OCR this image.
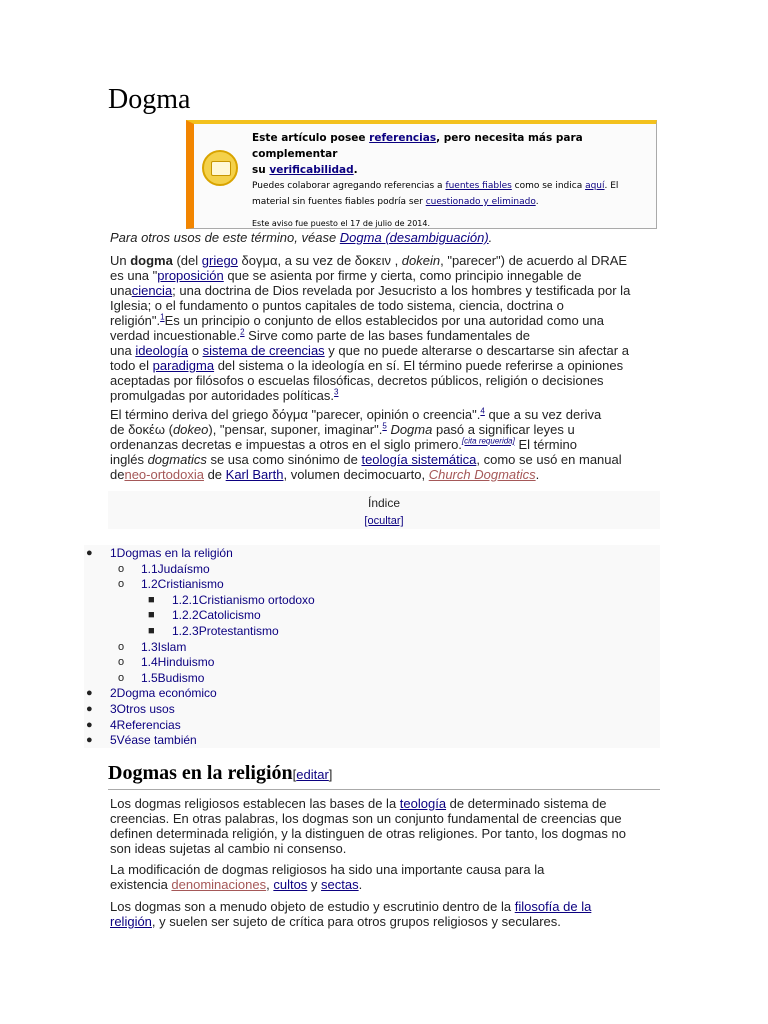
Dogma
Este artículo posee referencias, pero necesita más para complementar
su verificabilidad.
Puedes colaborar agregando referencias a fuentes fiables como se indica aquí. El
material sin fuentes fiables podría ser cuestionado y eliminado.
Este aviso fue puesto el 17 de julio de 2014.
Para otros usos de este término, véase Dogma (desambiguación).

Un dogma (del griego δογμα, a su vez de δοκειν , dokein, "parecer") de acuerdo al DRAE

es una "proposición que se asienta por firme y cierta, como principio innegable de

unaciencia; una doctrina de Dios revelada por Jesucristo a los hombres y testificada por la

Iglesia; o el fundamento o puntos capitales de todo sistema, ciencia, doctrina o

religión".$^1$Es un principio o conjunto de ellos establecidos por una autoridad como una

verdad incuestionable.$^2$ Sirve como parte de las bases fundamentales de

una ideología o sistema de creencias y que no puede alterarse o descartarse sin afectar a

todo el paradigma del sistema o la ideología en sí. El término puede referirse a opiniones

aceptadas por filósofos o escuelas filosóficas, decretos públicos, religión o decisiones

promulgadas por autoridades políticas.$^3$

El término deriva del griego δόγμα "parecer, opinión o creencia".$^4$ que a su vez deriva

de δοκέω (dokeo), "pensar, suponer, imaginar".$^5$ Dogma pasó a significar leyes u

ordenanzas decretas e impuestas a otros en el siglo primero.[cita requerida] El término

inglés dogmatics se usa como sinónimo de teología sistemática, como se usó en manual

deneo-ortodoxia de Karl Barth, volumen decimocuarto, Church Dogmatics.

Índice
[ocultar]
● 1Dogmas en la religión
o 1.1Judaísmo
o 1.2Cristianismo
■ 1.2.1Cristianismo ortodoxo
■ 1.2.2Catolicismo
■ 1.2.3Protestantismo
o 1.3Islam
o 1.4Hinduismo
o 1.5Budismo
● 2Dogma económico
● 3Otros usos
● 4Referencias
● 5Véase también
Dogmas en la religión[editar]

Los dogmas religiosos establecen las bases de la teología de determinado sistema de

creencias. En otras palabras, los dogmas son un conjunto fundamental de creencias que

definen determinada religión, y la distinguen de otras religiones. Por tanto, los dogmas no

son ideas sujetas al cambio ni consenso.

La modificación de dogmas religiosos ha sido una importante causa para la

existencia denominaciones, cultos y sectas.

Los dogmas son a menudo objeto de estudio y escrutinio dentro de la filosofía de la

religión, y suelen ser sujeto de crítica para otros grupos religiosos y seculares.
